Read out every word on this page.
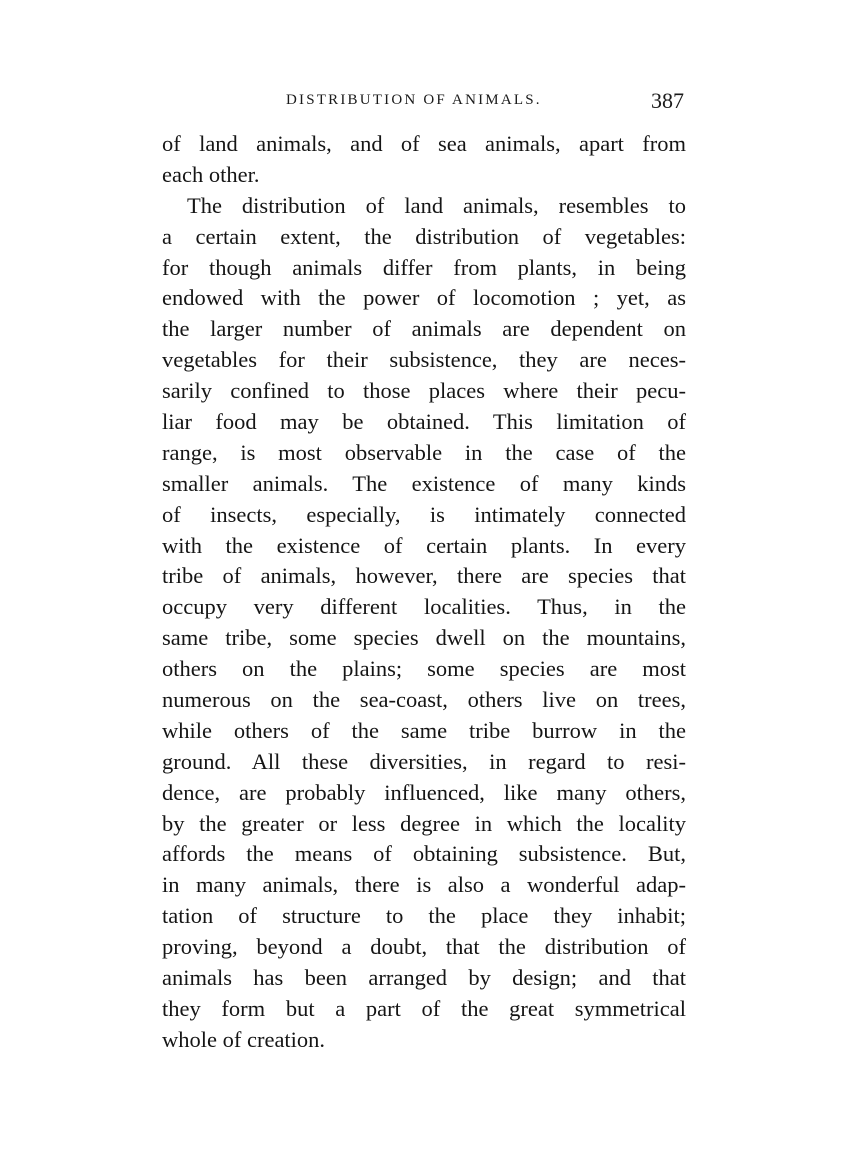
DISTRIBUTION OF ANIMALS.	387
of land animals, and of sea animals, apart from
each other.
The distribution of land animals, resembles to
a certain extent, the distribution of vegetables:
for though animals differ from plants, in being
endowed with the power of locomotion ; yet, as
the larger number of animals are dependent on
vegetables for their subsistence, they are neces-
sarily confined to those places where their pecu-
liar food may be obtained. This limitation of
range, is most observable in the case of the
smaller animals. The existence of many kinds
of insects, especially, is intimately connected
with the existence of certain plants. In every
tribe of animals, however, there are species that
occupy very different localities. Thus, in the
same tribe, some species dwell on the mountains,
others on the plains; some species are most
numerous on the sea-coast, others live on trees,
while others of the same tribe burrow in the
ground. All these diversities, in regard to resi-
dence, are probably influenced, like many others,
by the greater or less degree in which the locality
affords the means of obtaining subsistence. But,
in many animals, there is also a wonderful adap-
tation of structure to the place they inhabit;
proving, beyond a doubt, that the distribution of
animals has been arranged by design; and that
they form but a part of the great symmetrical
whole of creation.
